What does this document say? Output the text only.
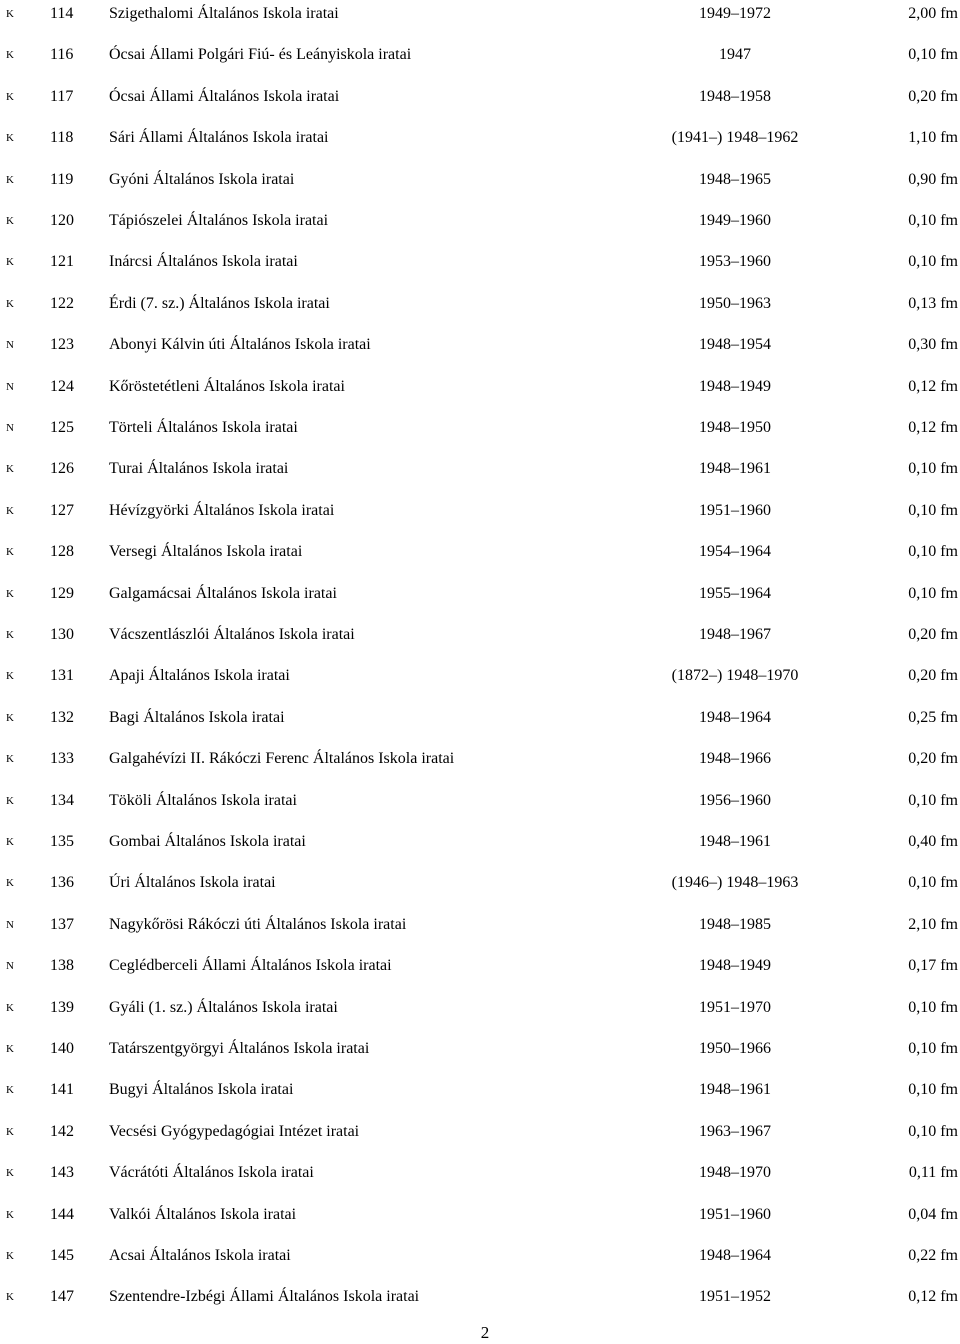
K 114 Szigethalomi Általános Iskola iratai	1949–1972	2,00 fm
K 116 Ócsai Állami Polgári Fiú- és Leányiskola iratai	1947	0,10 fm
K 117 Ócsai Állami Általános Iskola iratai	1948–1958	0,20 fm
K 118 Sári Állami Általános Iskola iratai	(1941–) 1948–1962	1,10 fm
K 119 Gyóni Általános Iskola iratai	1948–1965	0,90 fm
K 120 Tápiószelei Általános Iskola iratai	1949–1960	0,10 fm
K 121 Inárcsi Általános Iskola iratai	1953–1960	0,10 fm
K 122 Érdi (7. sz.) Általános Iskola iratai	1950–1963	0,13 fm
N 123 Abonyi Kálvin úti Általános Iskola iratai	1948–1954	0,30 fm
N 124 Kőröstetétleni Általános Iskola iratai	1948–1949	0,12 fm
N 125 Törteli Általános Iskola iratai	1948–1950	0,12 fm
K 126 Turai Általános Iskola iratai	1948–1961	0,10 fm
K 127 Hévízgyörki Általános Iskola iratai	1951–1960	0,10 fm
K 128 Versegi Általános Iskola iratai	1954–1964	0,10 fm
K 129 Galgamácsai Általános Iskola iratai	1955–1964	0,10 fm
K 130 Vácszentlászlói Általános Iskola iratai	1948–1967	0,20 fm
K 131 Apaji Általános Iskola iratai	(1872–) 1948–1970	0,20 fm
K 132 Bagi Általános Iskola iratai	1948–1964	0,25 fm
K 133 Galgahévízi II. Rákóczi Ferenc Általános Iskola iratai	1948–1966	0,20 fm
K 134 Tököli Általános Iskola iratai	1956–1960	0,10 fm
K 135 Gombai Általános Iskola iratai	1948–1961	0,40 fm
K 136 Úri Általános Iskola iratai	(1946–) 1948–1963	0,10 fm
N 137 Nagykőrösi Rákóczi úti Általános Iskola iratai	1948–1985	2,10 fm
N 138 Ceglédberceli Állami Általános Iskola iratai	1948–1949	0,17 fm
K 139 Gyáli (1. sz.) Általános Iskola iratai	1951–1970	0,10 fm
K 140 Tatárszentgyörgyi Általános Iskola iratai	1950–1966	0,10 fm
K 141 Bugyi Általános Iskola iratai	1948–1961	0,10 fm
K 142 Vecsési Gyógypedagógiai Intézet iratai	1963–1967	0,10 fm
K 143 Vácrátóti Általános Iskola iratai	1948–1970	0,11 fm
K 144 Valkói Általános Iskola iratai	1951–1960	0,04 fm
K 145 Acsai Általános Iskola iratai	1948–1964	0,22 fm
K 147 Szentendre-Izbégi Állami Általános Iskola iratai	1951–1952	0,12 fm
2
